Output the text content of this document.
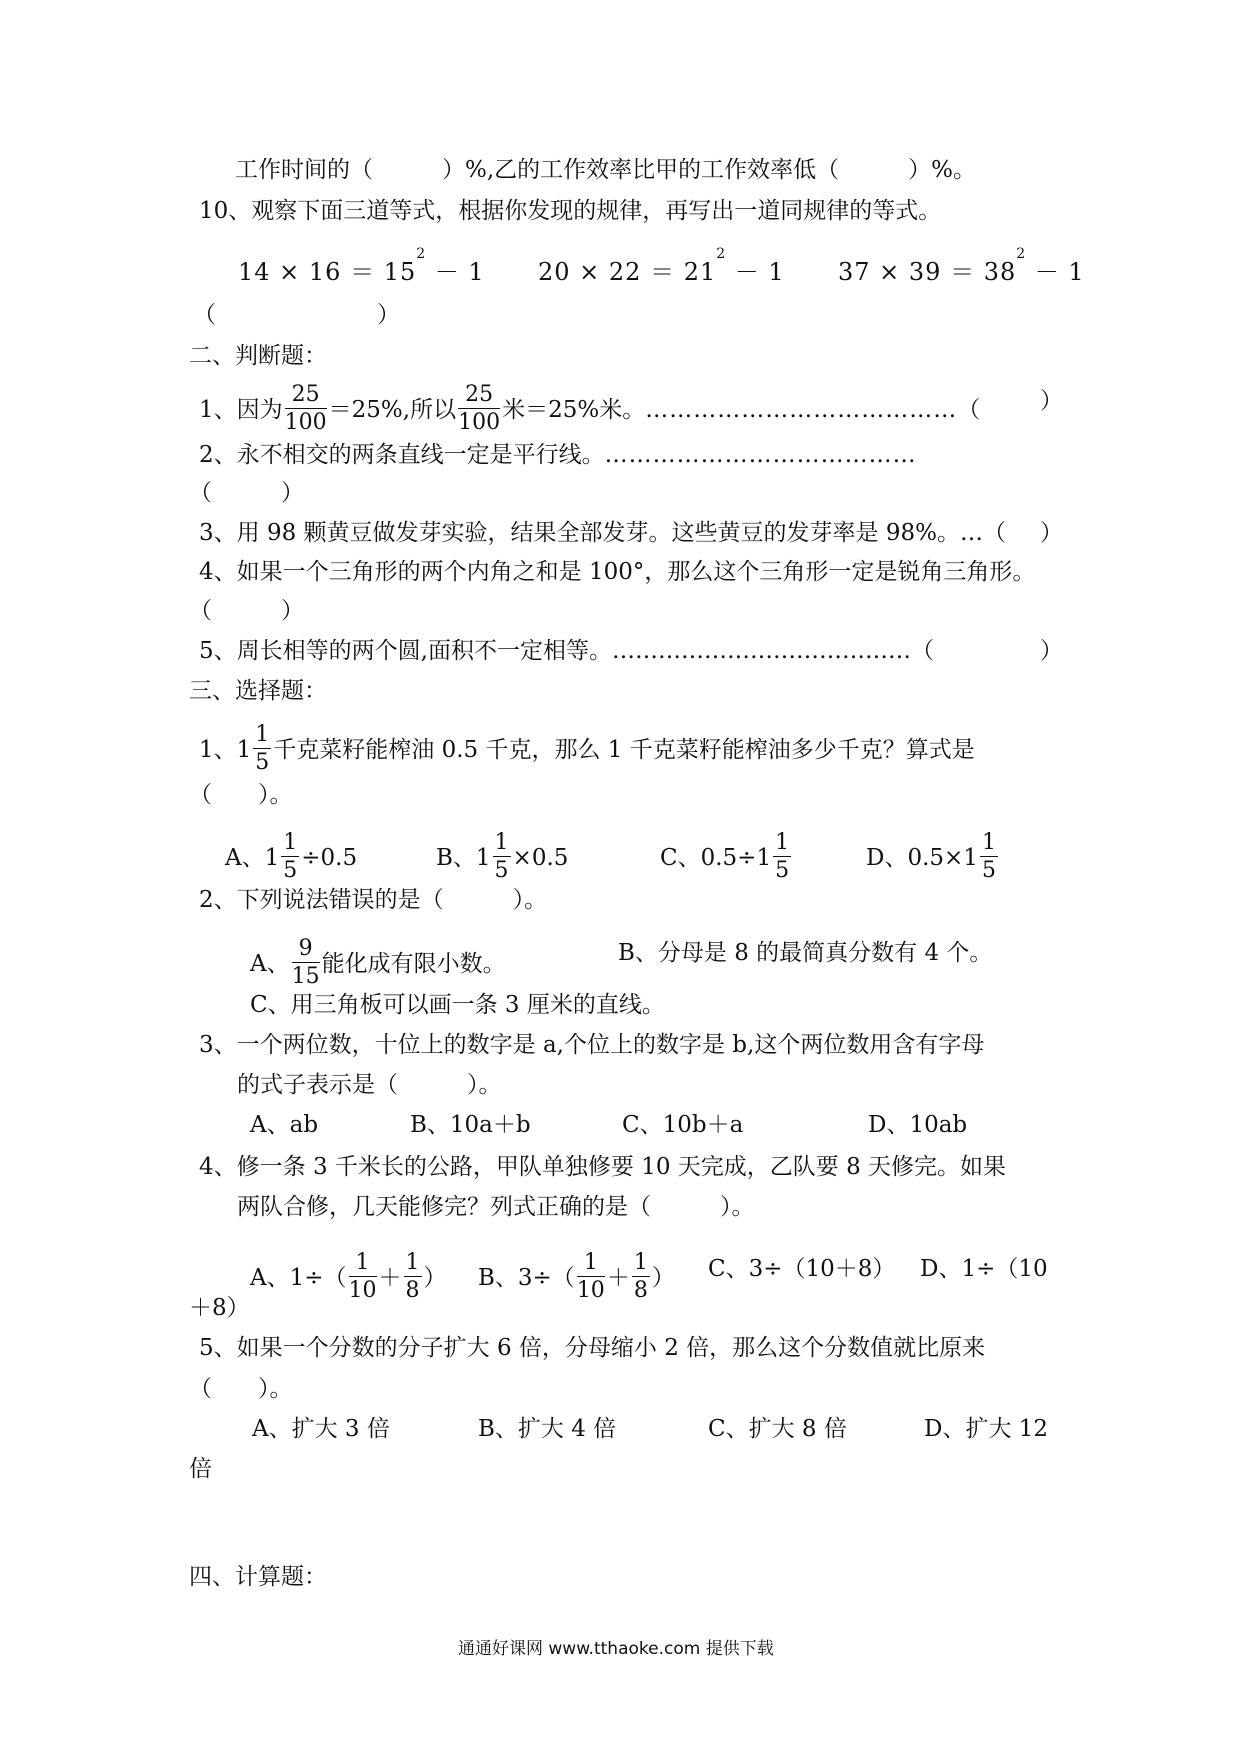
工作时间的（　　　）%,乙的工作效率比甲的工作效率低（　　　）%。
10、观察下面三道等式，根据你发现的规律，再写出一道同规律的等式。
$14 \times 16 = 15^2 - 1$ $20 \times 22 = 21^2 - 1$ $37 \times 39 = 38^2 - 1$
（　　　　　　　）
二、判断题：
1、因为 $\frac{25}{100} =25\%$,所以 $\frac{25}{100}$ 米＝25%米。…………………………………（	）
2、永不相交的两条直线一定是平行线。…………………………………
（　　　）
3、用 98 颗黄豆做发芽实验，结果全部发芽。这些黄豆的发芽率是 98%。…（ ）
4、如果一个三角形的两个内角之和是 100°，那么这个三角形一定是锐角三角形。
（　　　）
5、周长相等的两个圆,面积不一定相等。…………………………………（	）
三、选择题：
1、$1 \frac{1}{5}$ 千克菜籽能榨油 0.5 千克，那么 1 千克菜籽能榨油多少千克？算式是
（　　）。
A、$1 \frac{1}{5} \div 0.5$	B、$1 \frac{1}{5} \times 0.5$	C、$0.5\div 1 \frac{1}{5}$	D、$0.5\times 1 \frac{1}{5}$
2、下列说法错误的是（　　　）。
A、 $\frac{9}{15}$ 能化成有限小数。	B、分母是 8 的最简真分数有 4 个。
C、用三角板可以画一条 3 厘米的直线。
3、一个两位数，十位上的数字是 a,个位上的数字是 b,这个两位数用含有字母
的式子表示是（　　　）。
A、ab	B、10a＋b	C、10b＋a	D、10ab
4、修一条 3 千米长的公路，甲队单独修要 10 天完成，乙队要 8 天修完。如果
两队合修，几天能修完？列式正确的是（　　　）。
A、$1\div( \frac{1}{10} + \frac{1}{8}$ ） B、$3\div( \frac{1}{10} + \frac{1}{8}$ ） C、3÷（10＋8） D、1÷（10
＋8）
5、如果一个分数的分子扩大 6 倍，分母缩小 2 倍，那么这个分数值就比原来
（　　）。
A、扩大 3 倍	B、扩大 4 倍	C、扩大 8 倍	D、扩大 12
倍
四、计算题：
通通好课网 www.tthaoke.com 提供下载
